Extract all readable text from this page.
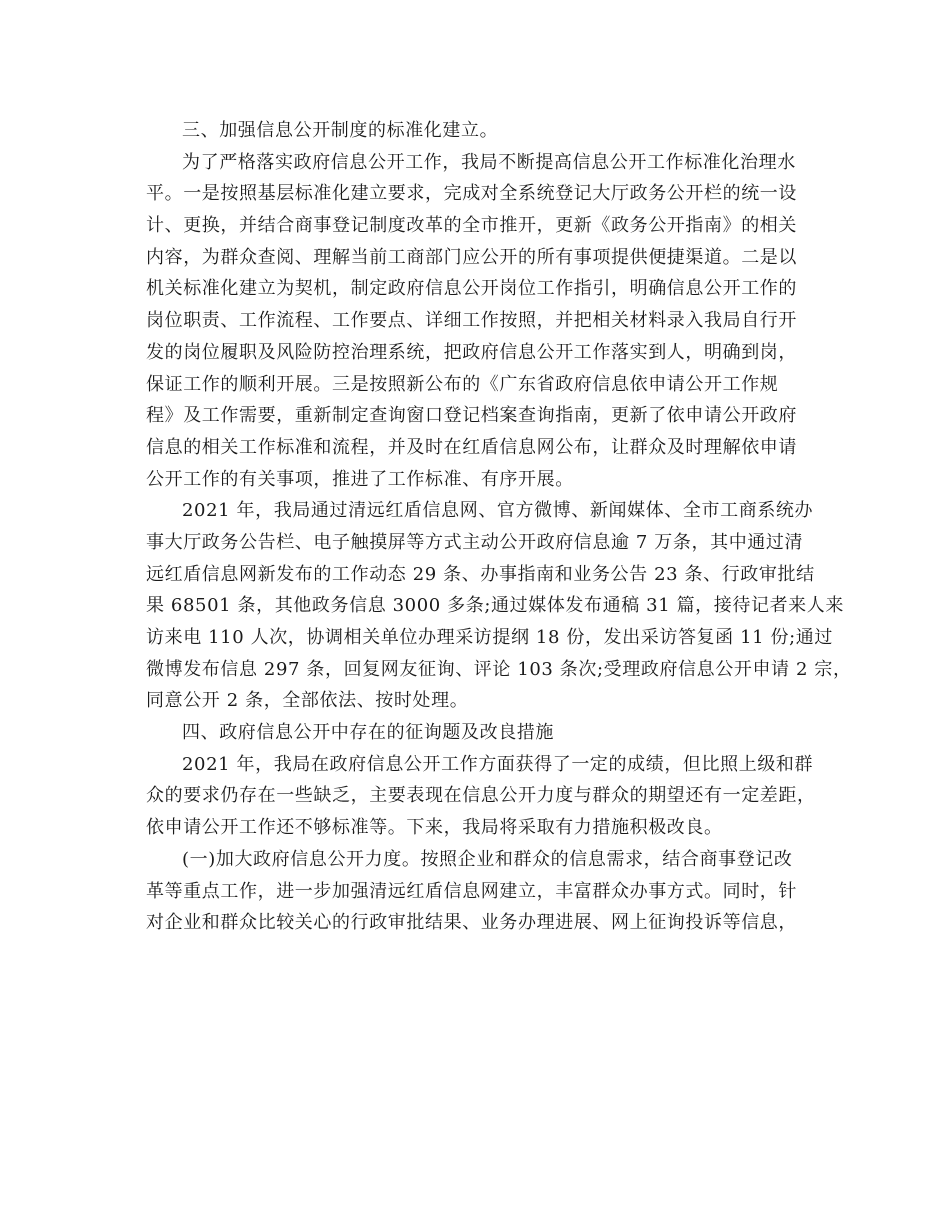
三、加强信息公开制度的标准化建立。
为了严格落实政府信息公开工作，我局不断提高信息公开工作标准化治理水
平。一是按照基层标准化建立要求，完成对全系统登记大厅政务公开栏的统一设
计、更换，并结合商事登记制度改革的全市推开，更新《政务公开指南》的相关
内容，为群众查阅、理解当前工商部门应公开的所有事项提供便捷渠道。二是以
机关标准化建立为契机，制定政府信息公开岗位工作指引，明确信息公开工作的
岗位职责、工作流程、工作要点、详细工作按照，并把相关材料录入我局自行开
发的岗位履职及风险防控治理系统，把政府信息公开工作落实到人，明确到岗，
保证工作的顺利开展。三是按照新公布的《广东省政府信息依申请公开工作规
程》及工作需要，重新制定查询窗口登记档案查询指南，更新了依申请公开政府
信息的相关工作标准和流程，并及时在红盾信息网公布，让群众及时理解依申请
公开工作的有关事项，推进了工作标准、有序开展。
2021 年，我局通过清远红盾信息网、官方微博、新闻媒体、全市工商系统办
事大厅政务公告栏、电子触摸屏等方式主动公开政府信息逾 7 万条，其中通过清
远红盾信息网新发布的工作动态 29 条、办事指南和业务公告 23 条、行政审批结
果 68501 条，其他政务信息 3000 多条;通过媒体发布通稿 31 篇，接待记者来人来
访来电 110 人次，协调相关单位办理采访提纲 18 份，发出采访答复函 11 份;通过
微博发布信息 297 条，回复网友征询、评论 103 条次;受理政府信息公开申请 2 宗，
同意公开 2 条，全部依法、按时处理。
四、政府信息公开中存在的征询题及改良措施
2021 年，我局在政府信息公开工作方面获得了一定的成绩，但比照上级和群
众的要求仍存在一些缺乏，主要表现在信息公开力度与群众的期望还有一定差距，
依申请公开工作还不够标准等。下来，我局将采取有力措施积极改良。
(一)加大政府信息公开力度。按照企业和群众的信息需求，结合商事登记改
革等重点工作，进一步加强清远红盾信息网建立，丰富群众办事方式。同时，针
对企业和群众比较关心的行政审批结果、业务办理进展、网上征询投诉等信息，
